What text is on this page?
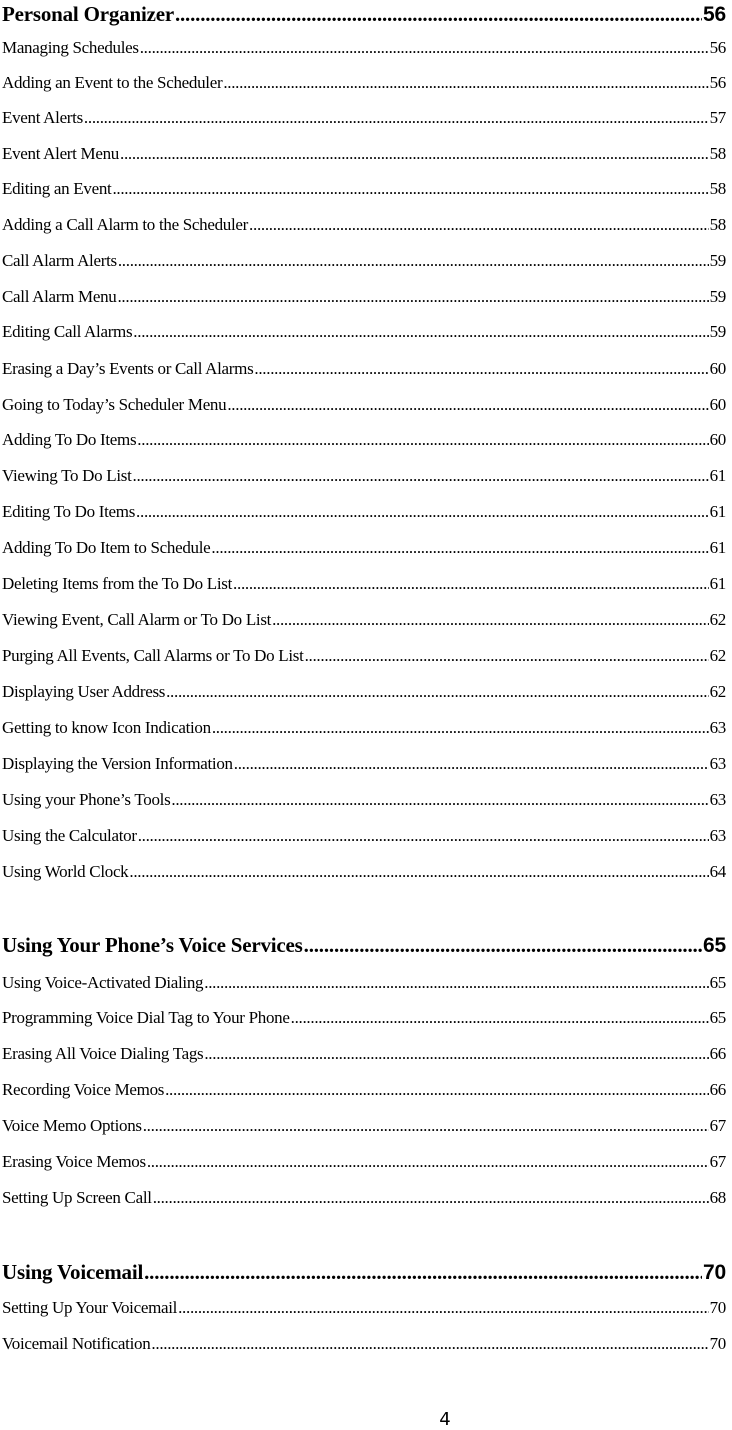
Personal Organizer .....	56
Managing Schedules .....	56
Adding an Event to the Scheduler .....	56
Event Alerts .....	57
Event Alert Menu .....	58
Editing an Event .....	58
Adding a Call Alarm to the Scheduler .....	58
Call Alarm Alerts .....	59
Call Alarm Menu .....	59
Editing Call Alarms .....	59
Erasing a Day’s Events or Call Alarms .....	60
Going to Today’s Scheduler Menu .....	60
Adding To Do Items .....	60
Viewing To Do List .....	61
Editing To Do Items .....	61
Adding To Do Item to Schedule .....	61
Deleting Items from the To Do List .....	61
Viewing Event, Call Alarm or To Do List .....	62
Purging All Events, Call Alarms or To Do List .....	62
Displaying User Address .....	62
Getting to know Icon Indication .....	63
Displaying the Version Information .....	63
Using your Phone’s Tools .....	63
Using the Calculator .....	63
Using World Clock .....	64
Using Your Phone’s Voice Services .....	65
Using Voice-Activated Dialing .....	65
Programming Voice Dial Tag to Your Phone .....	65
Erasing All Voice Dialing Tags .....	66
Recording Voice Memos .....	66
Voice Memo Options .....	67
Erasing Voice Memos .....	67
Setting Up Screen Call .....	68
Using Voicemail .....	70
Setting Up Your Voicemail .....	70
Voicemail Notification .....	70
4
